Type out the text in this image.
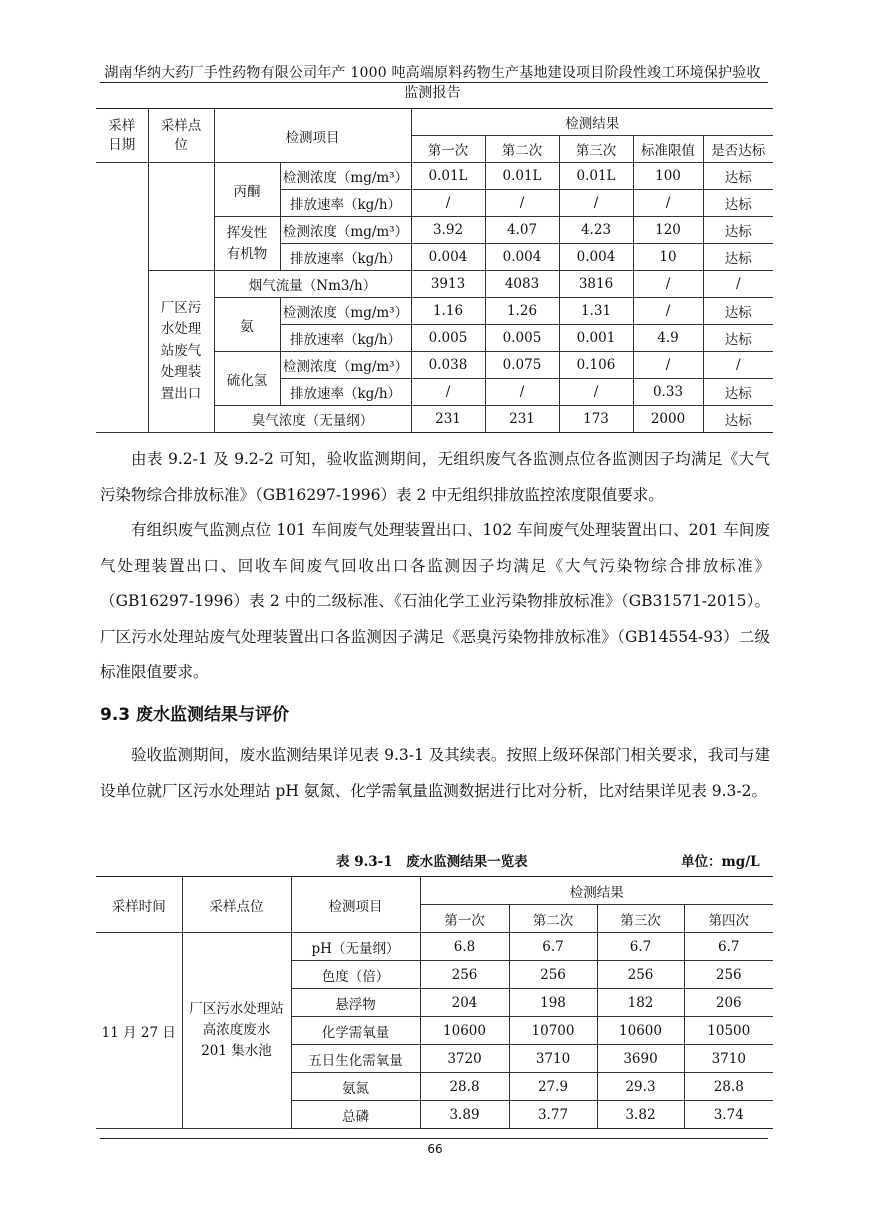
湖南华纳大药厂手性药物有限公司年产 1000 吨高端原料药物生产基地建设项目阶段性竣工环境保护验收监测报告
采样日期	采样点位	检测项目		检测结果				
				第一次	第二次	第三次	标准限值	是否达标
		丙酮	检测浓度（mg/m³）	0.01L	0.01L	0.01L	100	达标
			排放速率（kg/h）	/	/	/	/	达标
		挥发性有机物	检测浓度（mg/m³）	3.92	4.07	4.23	120	达标
			排放速率（kg/h）	0.004	0.004	0.004	10	达标
	厂区污水处理站废气处理装置出口	烟气流量（Nm3/h）		3913	4083	3816	/	/
		氨	检测浓度（mg/m³）	1.16	1.26	1.31	/	达标
			排放速率（kg/h）	0.005	0.005	0.001	4.9	达标
		硫化氢	检测浓度（mg/m³）	0.038	0.075	0.106	/	/
			排放速率（kg/h）	/	/	/	0.33	达标
		臭气浓度（无量纲）		231	231	173	2000	达标

由表 9.2-1 及 9.2-2 可知，验收监测期间，无组织废气各监测点位各监测因子均满足《大气污染物综合排放标准》（GB16297-1996）表 2 中无组织排放监控浓度限值要求。

有组织废气监测点位 101 车间废气处理装置出口、102 车间废气处理装置出口、201 车间废气处理装置出口、回收车间废气回收出口各监测因子均满足《大气污染物综合排放标准》（GB16297-1996）表 2 中的二级标准、《石油化学工业污染物排放标准》（GB31571-2015）。厂区污水处理站废气处理装置出口各监测因子满足《恶臭污染物排放标准》（GB14554-93）二级标准限值要求。

9.3 废水监测结果与评价

验收监测期间，废水监测结果详见表 9.3-1 及其续表。按照上级环保部门相关要求，我司与建设单位就厂区污水处理站 pH 氨氮、化学需氧量监测数据进行比对分析，比对结果详见表 9.3-2。

表 9.3-1　废水监测结果一览表	单位：mg/L
采样时间	采样点位	检测项目	检测结果			
			第一次	第二次	第三次	第四次
11 月 27 日	厂区污水处理站高浓度废水 201 集水池	pH（无量纲）	6.8	6.7	6.7	6.7
		色度（倍）	256	256	256	256
		悬浮物	204	198	182	206
		化学需氧量	10600	10700	10600	10500
		五日生化需氧量	3720	3710	3690	3710
		氨氮	28.8	27.9	29.3	28.8
		总磷	3.89	3.77	3.82	3.74
66
